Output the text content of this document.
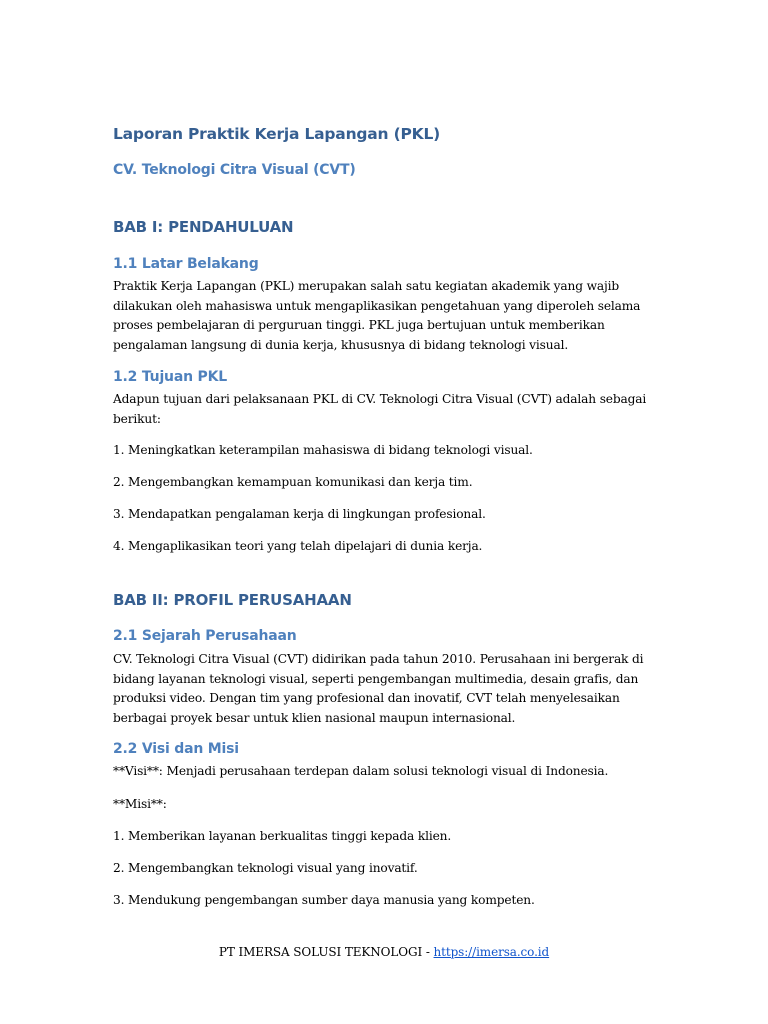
Laporan Praktik Kerja Lapangan (PKL)
CV. Teknologi Citra Visual (CVT)
BAB I: PENDAHULUAN
1.1 Latar Belakang

Praktik Kerja Lapangan (PKL) merupakan salah satu kegiatan akademik yang wajib dilakukan oleh mahasiswa untuk mengaplikasikan pengetahuan yang diperoleh selama proses pembelajaran di perguruan tinggi. PKL juga bertujuan untuk memberikan pengalaman langsung di dunia kerja, khususnya di bidang teknologi visual.

1.2 Tujuan PKL

Adapun tujuan dari pelaksanaan PKL di CV. Teknologi Citra Visual (CVT) adalah sebagai berikut:

1. Meningkatkan keterampilan mahasiswa di bidang teknologi visual.

2. Mengembangkan kemampuan komunikasi dan kerja tim.

3. Mendapatkan pengalaman kerja di lingkungan profesional.

4. Mengaplikasikan teori yang telah dipelajari di dunia kerja.

BAB II: PROFIL PERUSAHAAN
2.1 Sejarah Perusahaan

CV. Teknologi Citra Visual (CVT) didirikan pada tahun 2010. Perusahaan ini bergerak di bidang layanan teknologi visual, seperti pengembangan multimedia, desain grafis, dan produksi video. Dengan tim yang profesional dan inovatif, CVT telah menyelesaikan berbagai proyek besar untuk klien nasional maupun internasional.

2.2 Visi dan Misi

**Visi**: Menjadi perusahaan terdepan dalam solusi teknologi visual di Indonesia.

**Misi**:

1. Memberikan layanan berkualitas tinggi kepada klien.

2. Mengembangkan teknologi visual yang inovatif.

3. Mendukung pengembangan sumber daya manusia yang kompeten.

PT IMERSA SOLUSI TEKNOLOGI - https://imersa.co.id
